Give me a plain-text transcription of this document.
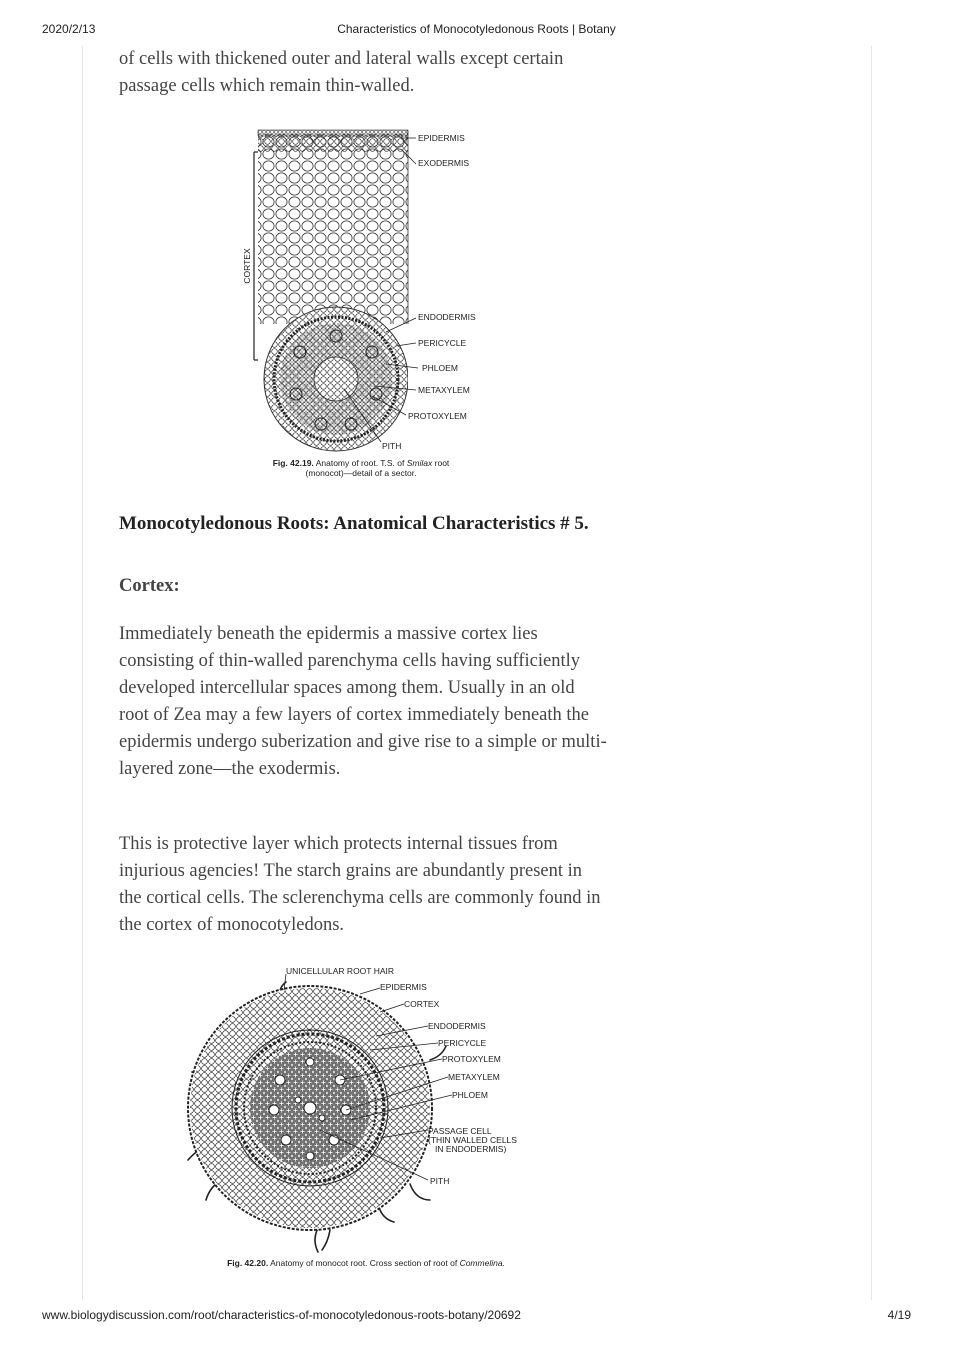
2020/2/13	Characteristics of Monocotyledonous Roots | Botany

of cells with thickened outer and lateral walls except certain passage cells which remain thin-walled.

CORTEX
EPIDERMIS
EXODERMIS
ENDODERMIS
PERICYCLE
PHLOEM
METAXYLEM
PROTOXYLEM
PITH
Fig. 42.19. Anatomy of root. T.S. of Smilax root
(monocot)—detail of a sector.
Monocotyledonous Roots: Anatomical Characteristics # 5.
Cortex:

Immediately beneath the epidermis a massive cortex lies consisting of thin-walled parenchyma cells having sufficiently developed intercellular spaces among them. Usually in an old root of Zea may a few layers of cortex immediately beneath the epidermis undergo suberization and give rise to a simple or multi-layered zone—the exodermis.

This is protective layer which protects internal tissues from injurious agencies! The starch grains are abundantly present in the cortical cells. The sclerenchyma cells are commonly found in the cortex of monocotyledons.

UNICELLULAR ROOT HAIR
EPIDERMIS
CORTEX
ENDODERMIS
PERICYCLE
PROTOXYLEM
METAXYLEM
PHLOEM
PASSAGE CELL
(THIN WALLED CELLS
IN ENDODERMIS)
PITH
Fig. 42.20. Anatomy of monocot root. Cross section of root of Commelina.
www.biologydiscussion.com/root/characteristics-of-monocotyledonous-roots-botany/20692	4/19
